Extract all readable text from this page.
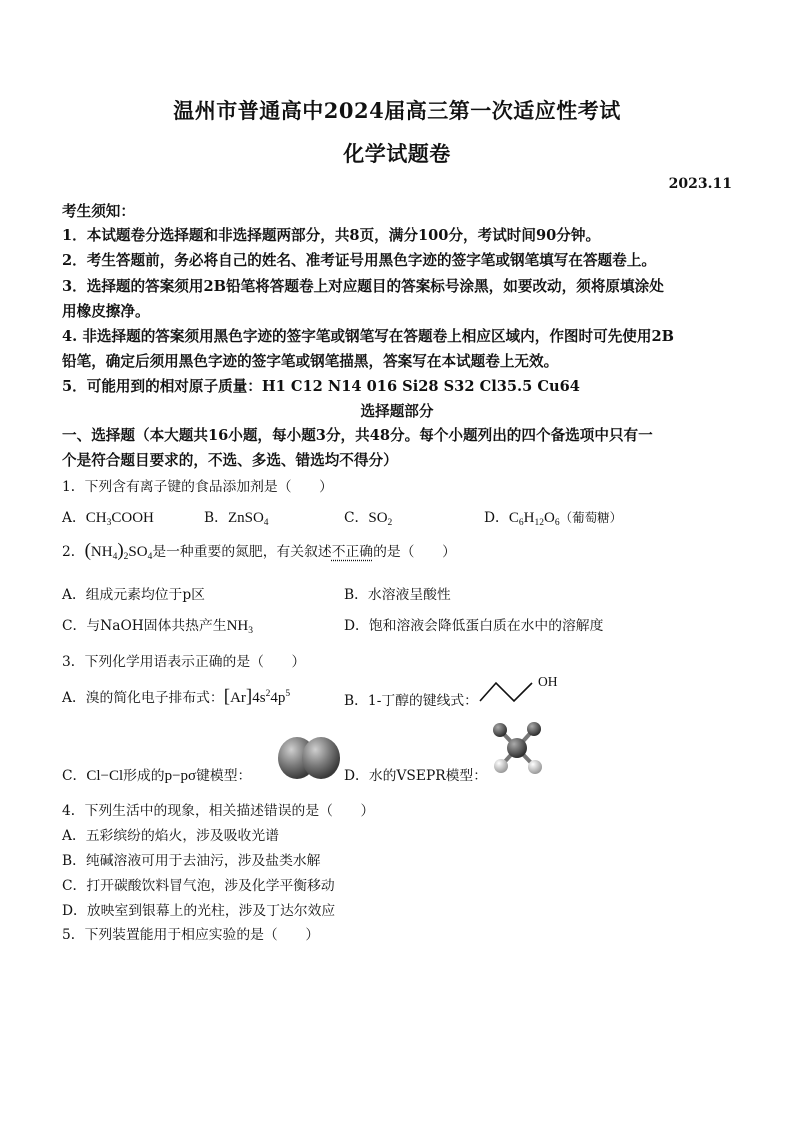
温州市普通高中2024届高三第一次适应性考试
化学试题卷
2023.11
考生须知：
1．本试题卷分选择题和非选择题两部分，共8页，满分100分，考试时间90分钟。
2．考生答题前，务必将自己的姓名、准考证号用黑色字迹的签字笔或钢笔填写在答题卷上。
3．选择题的答案须用2B铅笔将答题卷上对应题目的答案标号涂黑，如要改动，须将原填涂处
用橡皮擦净。
4. 非选择题的答案须用黑色字迹的签字笔或钢笔写在答题卷上相应区域内，作图时可先使用2B
铅笔，确定后须用黑色字迹的签字笔或钢笔描黑，答案写在本试题卷上无效。
5．可能用到的相对原子质量：H1 C12 N14 016 Si28 S32 Cl35.5 Cu64
选择题部分
一、选择题（本大题共16小题，每小题3分，共48分。每个小题列出的四个备选项中只有一
个是符合题目要求的，不选、多选、错选均不得分）
1．下列含有离子键的食品添加剂是（　　）
A．$CH_3COOH$	B．ZnSO$_4$	C．$SO_2$	D．$C_6H_{12}O_6$（葡萄糖）
2．$(NH_4)_2SO_4$是一种重要的氮肥，有关叙述不正确的是（　　）
A．组成元素均位于p区	B．水溶液呈酸性
C．与NaOH固体共热产生$NH_3$	D．饱和溶液会降低蛋白质在水中的溶解度
3．下列化学用语表示正确的是（　　）
A．溴的简化电子排布式：$[Ar]4s^24p^5$	B．1-丁醇的键线式：
OH
C．Cl−Cl形成的p−pσ键模型：	D．水的VSEPR模型：
4．下列生活中的现象，相关描述错误的是（　　）
A．五彩缤纷的焰火，涉及吸收光谱
B．纯碱溶液可用于去油污，涉及盐类水解
C．打开碳酸饮料冒气泡，涉及化学平衡移动
D．放映室到银幕上的光柱，涉及丁达尔效应
5．下列装置能用于相应实验的是（　　）
